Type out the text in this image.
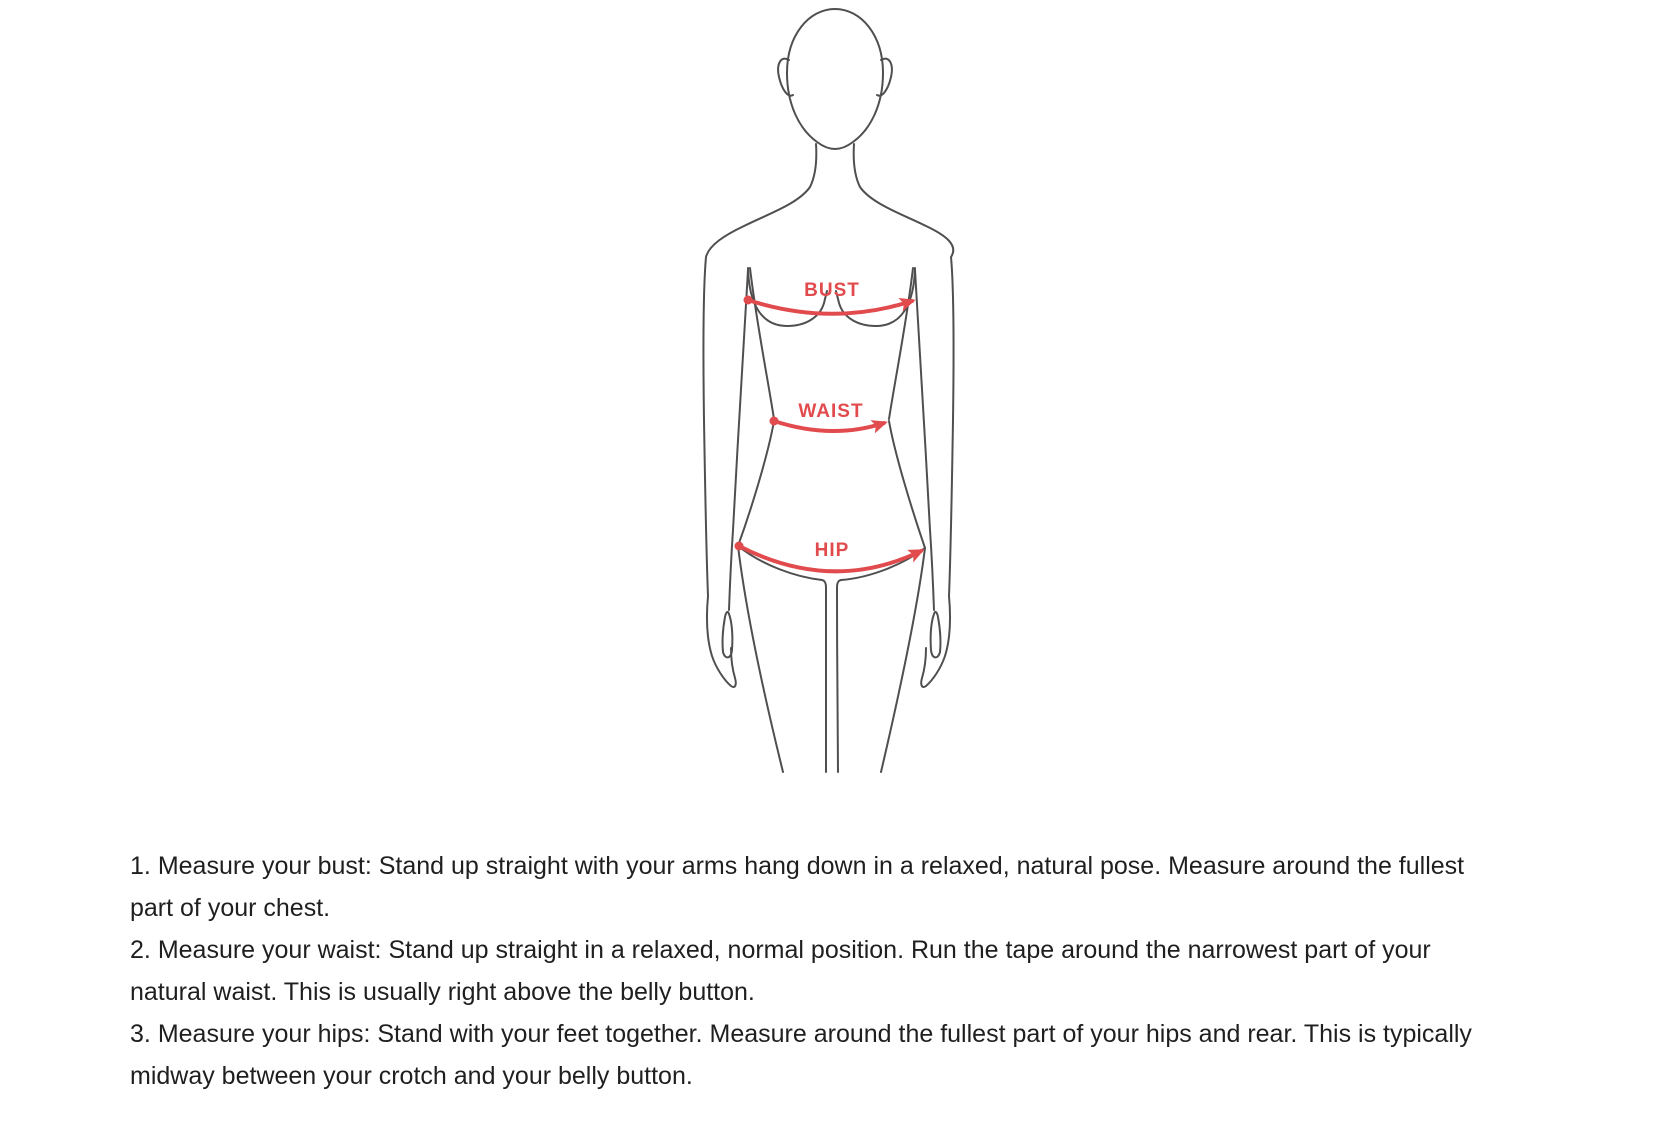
BUST
WAIST
HIP

1. Measure your bust: Stand up straight with your arms hang down in a relaxed, natural pose. Measure around the fullest part of your chest.

2. Measure your waist: Stand up straight in a relaxed, normal position. Run the tape around the narrowest part of your natural waist. This is usually right above the belly button.

3. Measure your hips: Stand with your feet together. Measure around the fullest part of your hips and rear. This is typically midway between your crotch and your belly button.
